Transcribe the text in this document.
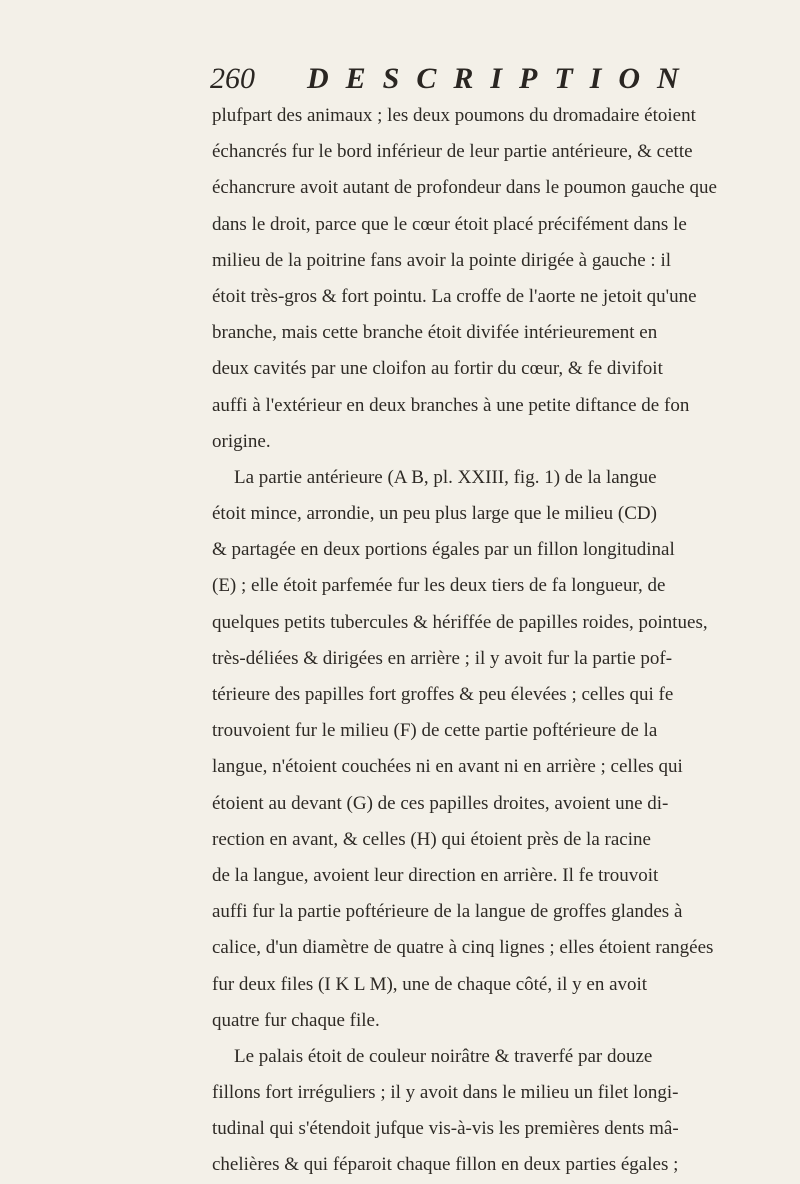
260 DESCRIPTION
plufpart des animaux ; les deux poumons du dromadaire étoient
échancrés fur le bord inférieur de leur partie antérieure, & cette
échancrure avoit autant de profondeur dans le poumon gauche que
dans le droit, parce que le cœur étoit placé précifément dans le
milieu de la poitrine fans avoir la pointe dirigée à gauche : il
étoit très-gros & fort pointu. La croffe de l'aorte ne jetoit qu'une
branche, mais cette branche étoit divifée intérieurement en
deux cavités par une cloifon au fortir du cœur, & fe divifoit
auffi à l'extérieur en deux branches à une petite diftance de fon
origine.
La partie antérieure (A B, pl. XXIII, fig. 1) de la langue
étoit mince, arrondie, un peu plus large que le milieu (CD)
& partagée en deux portions égales par un fillon longitudinal
(E) ; elle étoit parfemée fur les deux tiers de fa longueur, de
quelques petits tubercules & hériffée de papilles roides, pointues,
très-déliées & dirigées en arrière ; il y avoit fur la partie pof-
térieure des papilles fort groffes & peu élevées ; celles qui fe
trouvoient fur le milieu (F) de cette partie poftérieure de la
langue, n'étoient couchées ni en avant ni en arrière ; celles qui
étoient au devant (G) de ces papilles droites, avoient une di-
rection en avant, & celles (H) qui étoient près de la racine
de la langue, avoient leur direction en arrière. Il fe trouvoit
auffi fur la partie poftérieure de la langue de groffes glandes à
calice, d'un diamètre de quatre à cinq lignes ; elles étoient rangées
fur deux files (I K L M), une de chaque côté, il y en avoit
quatre fur chaque file.
Le palais étoit de couleur noirâtre & traverfé par douze
fillons fort irréguliers ; il y avoit dans le milieu un filet longi-
tudinal qui s'étendoit jufque vis-à-vis les premières dents mâ-
chelières & qui féparoit chaque fillon en deux parties égales ;
